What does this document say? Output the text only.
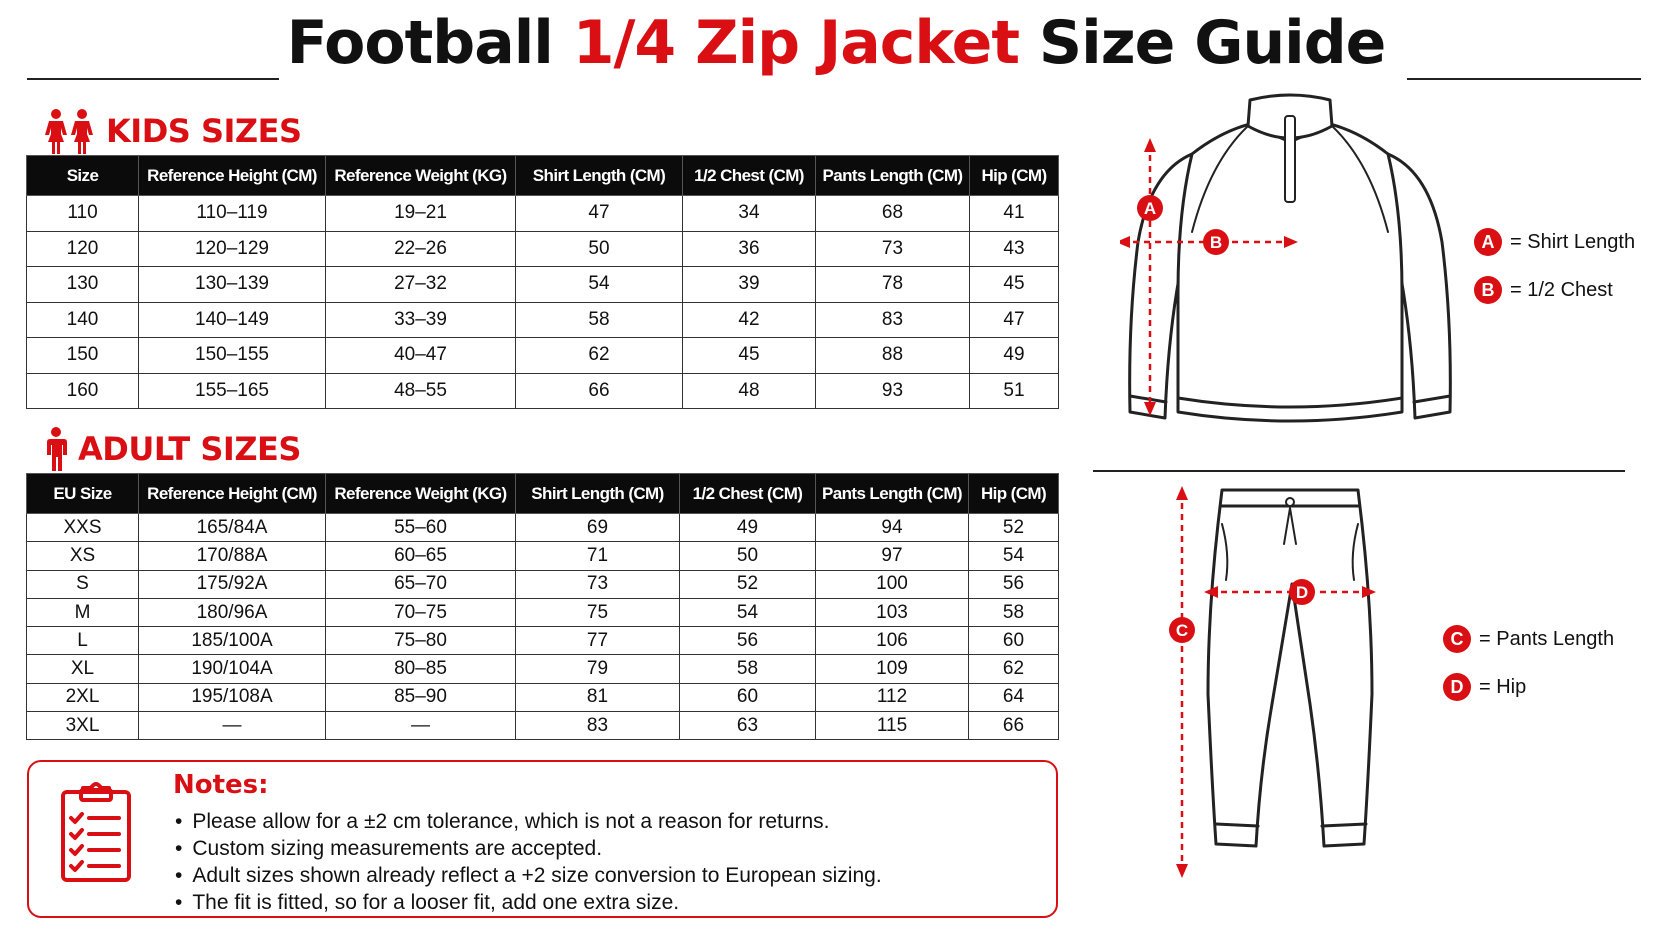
Football 1/4 Zip Jacket Size Guide
KIDS SIZES
Size	Reference Height (CM)	Reference Weight (KG)	Shirt Length (CM)	1/2 Chest (CM)	Pants Length (CM)	Hip (CM)
110	110–119	19–21	47	34	68	41
120	120–129	22–26	50	36	73	43
130	130–139	27–32	54	39	78	45
140	140–149	33–39	58	42	83	47
150	150–155	40–47	62	45	88	49
160	155–165	48–55	66	48	93	51
ADULT SIZES
EU Size	Reference Height (CM)	Reference Weight (KG)	Shirt Length (CM)	1/2 Chest (CM)	Pants Length (CM)	Hip (CM)
XXS	165/84A	55–60	69	49	94	52
XS	170/88A	60–65	71	50	97	54
S	175/92A	65–70	73	52	100	56
M	180/96A	70–75	75	54	103	58
L	185/100A	75–80	77	56	106	60
XL	190/104A	80–85	79	58	109	62
2XL	195/108A	85–90	81	60	112	64
3XL	—	—	83	63	115	66
Notes:
• Please allow for a ±2 cm tolerance, which is not a reason for returns.
• Custom sizing measurements are accepted.
• Adult sizes shown already reflect a +2 size conversion to European sizing.
• The fit is fitted, so for a looser fit, add one extra size.
A
B
C
D
A = Shirt Length
B = 1/2 Chest
C = Pants Length
D = Hip
